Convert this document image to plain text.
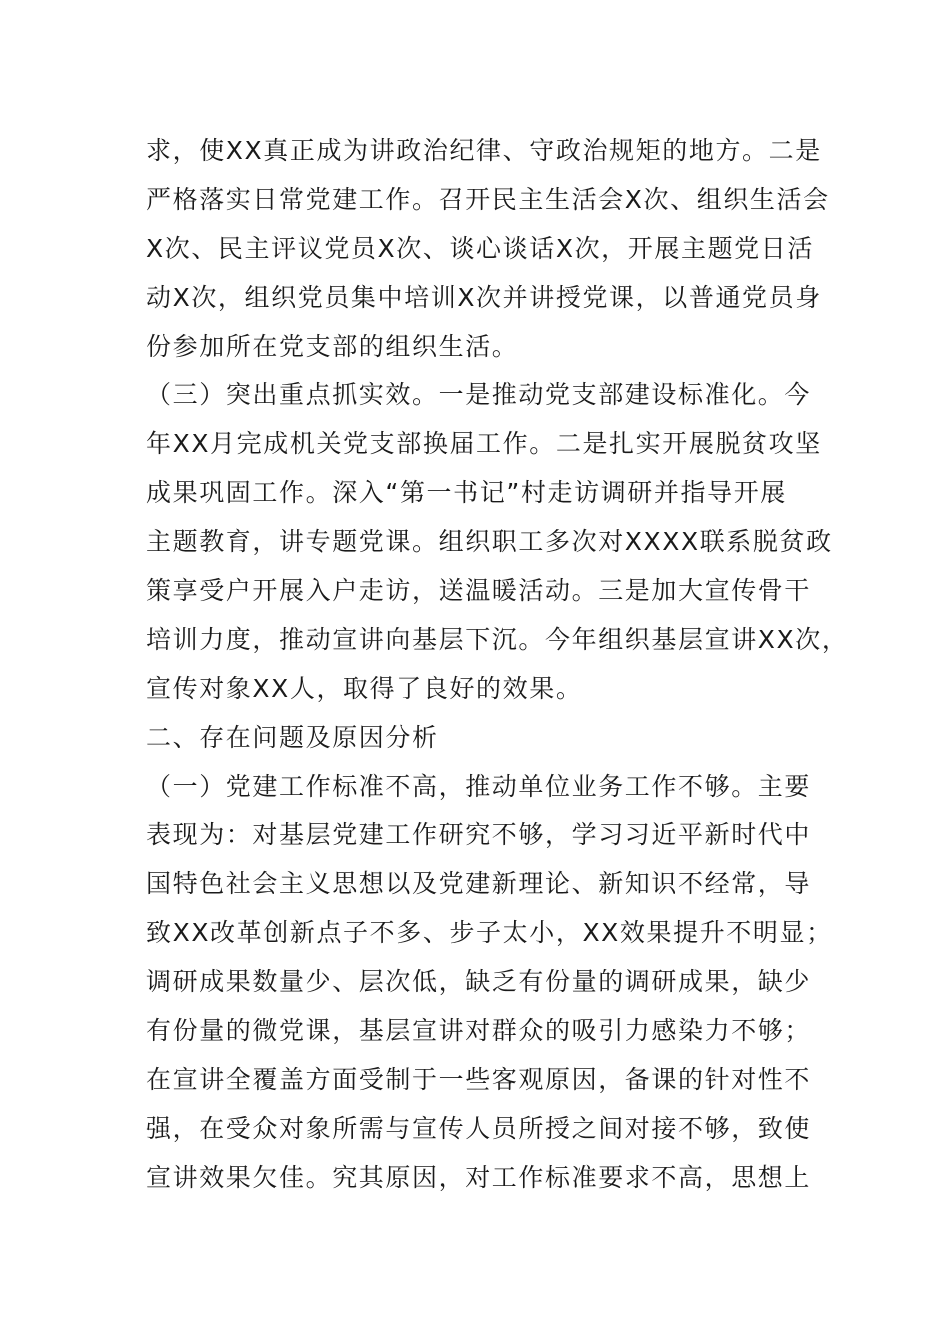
求，使XX真正成为讲政治纪律、守政治规矩的地方。二是
严格落实日常党建工作。召开民主生活会X次、组织生活会
X次、民主评议党员X次、谈心谈话X次，开展主题党日活
动X次，组织党员集中培训X次并讲授党课，以普通党员身
份参加所在党支部的组织生活。
（三）突出重点抓实效。一是推动党支部建设标准化。今
年XX月完成机关党支部换届工作。二是扎实开展脱贫攻坚
成果巩固工作。深入“第一书记”村走访调研并指导开展
主题教育，讲专题党课。组织职工多次对XXXX联系脱贫政
策享受户开展入户走访，送温暖活动。三是加大宣传骨干
培训力度，推动宣讲向基层下沉。今年组织基层宣讲XX次，
宣传对象XX人，取得了良好的效果。
二、存在问题及原因分析
（一）党建工作标准不高，推动单位业务工作不够。主要
表现为：对基层党建工作研究不够，学习习近平新时代中
国特色社会主义思想以及党建新理论、新知识不经常，导
致XX改革创新点子不多、步子太小，XX效果提升不明显；
调研成果数量少、层次低，缺乏有份量的调研成果，缺少
有份量的微党课，基层宣讲对群众的吸引力感染力不够；
在宣讲全覆盖方面受制于一些客观原因，备课的针对性不
强，在受众对象所需与宣传人员所授之间对接不够，致使
宣讲效果欠佳。究其原因，对工作标准要求不高，思想上
